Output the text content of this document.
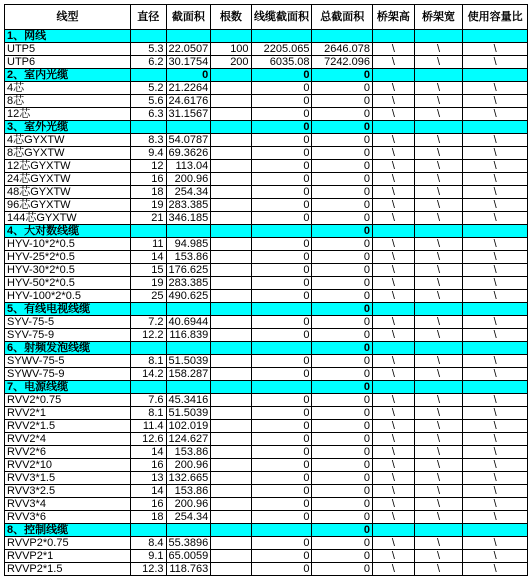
线型	直径	截面积	根数	线缆截面积	总截面积	桥架高	桥架宽	使用容量比
1、网线								
UTP5	5.3	22.0507	100	2205.065	2646.078	\	\	\
UTP6	6.2	30.1754	200	6035.08	7242.096	\	\	\
2、室内光缆		0		0	0			
4芯	5.2	21.2264		0	0	\	\	\
8芯	5.6	24.6176		0	0	\	\	\
12芯	6.3	31.1567		0	0	\	\	\
3、室外光缆				0	0			
4芯GYXTW	8.3	54.0787		0	0	\	\	\
8芯GYXTW	9.4	69.3626		0	0	\	\	\
12芯GYXTW	12	113.04		0	0	\	\	\
24芯GYXTW	16	200.96		0	0	\	\	\
48芯GYXTW	18	254.34		0	0	\	\	\
96芯GYXTW	19	283.385		0	0	\	\	\
144芯GYXTW	21	346.185		0	0	\	\	\
4、大对数线缆					0			
HYV-10*2*0.5	11	94.985		0	0	\	\	\
HYV-25*2*0.5	14	153.86		0	0	\	\	\
HYV-30*2*0.5	15	176.625		0	0	\	\	\
HYV-50*2*0.5	19	283.385		0	0	\	\	\
HYV-100*2*0.5	25	490.625		0	0	\	\	\
5、有线电视线缆					0			
SYV-75-5	7.2	40.6944		0	0	\	\	\
SYV-75-9	12.2	116.839		0	0	\	\	\
6、射频发泡线缆					0			
SYWV-75-5	8.1	51.5039		0	0	\	\	\
SYWV-75-9	14.2	158.287		0	0	\	\	\
7、电源线缆					0			
RVV2*0.75	7.6	45.3416		0	0	\	\	\
RVV2*1	8.1	51.5039		0	0	\	\	\
RVV2*1.5	11.4	102.019		0	0	\	\	\
RVV2*4	12.6	124.627		0	0	\	\	\
RVV2*6	14	153.86		0	0	\	\	\
RVV2*10	16	200.96		0	0	\	\	\
RVV3*1.5	13	132.665		0	0	\	\	\
RVV3*2.5	14	153.86		0	0	\	\	\
RVV3*4	16	200.96		0	0	\	\	\
RVV3*6	18	254.34		0	0	\	\	\
8、控制线缆					0			
RVVP2*0.75	8.4	55.3896		0	0	\	\	\
RVVP2*1	9.1	65.0059		0	0	\	\	\
RVVP2*1.5	12.3	118.763		0	0	\	\	\
